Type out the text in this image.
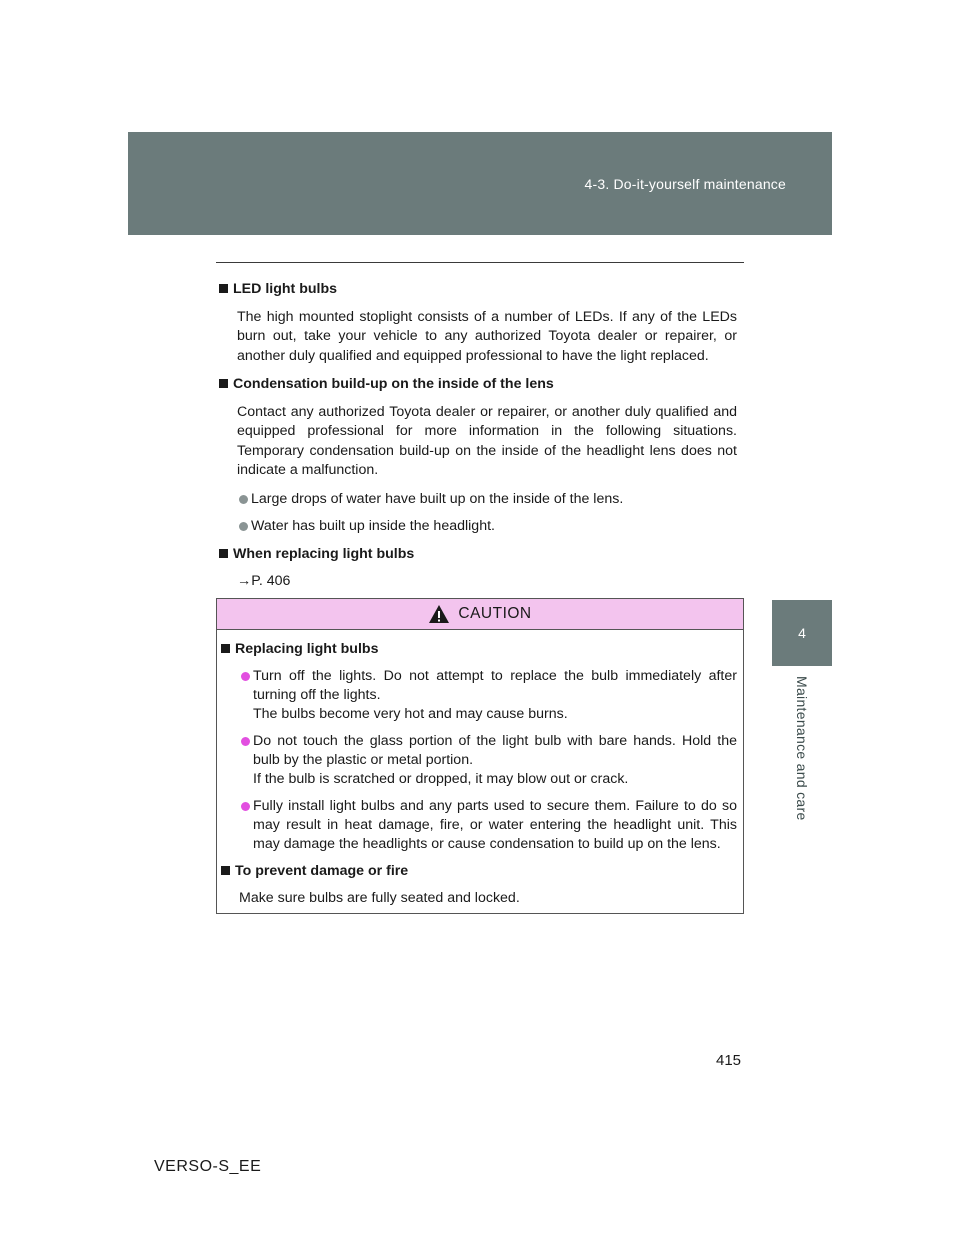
4-3. Do-it-yourself maintenance
4
Maintenance and care
LED light bulbs
The high mounted stoplight consists of a number of LEDs. If any of the LEDs burn out, take your vehicle to any authorized Toyota dealer or repairer, or another duly qualified and equipped professional to have the light replaced.
Condensation build-up on the inside of the lens
Contact any authorized Toyota dealer or repairer, or another duly qualified and equipped professional for more information in the following situations. Temporary condensation build-up on the inside of the headlight lens does not indicate a malfunction.
Large drops of water have built up on the inside of the lens.
Water has built up inside the headlight.
When replacing light bulbs
→P. 406
CAUTION
Replacing light bulbs
Turn off the lights. Do not attempt to replace the bulb immediately after turning off the lights.
The bulbs become very hot and may cause burns.
Do not touch the glass portion of the light bulb with bare hands. Hold the bulb by the plastic or metal portion.
If the bulb is scratched or dropped, it may blow out or crack.
Fully install light bulbs and any parts used to secure them. Failure to do so may result in heat damage, fire, or water entering the headlight unit. This may damage the headlights or cause condensation to build up on the lens.
To prevent damage or fire
Make sure bulbs are fully seated and locked.
415
VERSO-S_EE
